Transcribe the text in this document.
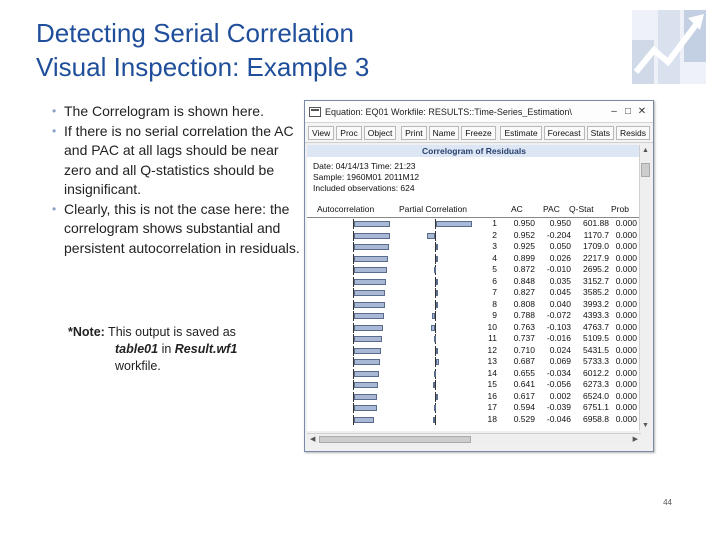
Detecting Serial Correlation
Visual Inspection: Example 3
• The Correlogram is shown here.
• If there is no serial correlation the AC and PAC at all lags should be near zero and all Q-statistics should be insignificant.
• Clearly, this is not the case here: the correlogram shows substantial and persistent autocorrelation in residuals.
*Note: This output is saved as
table01 in Result.wf1
workfile.
Equation: EQ01 Workfile: RESULTS::Time-Series_Estimation\	– □ ✕
View	Proc	Object	Print	Name	Freeze	Estimate	Forecast	Stats	Resids
Correlogram of Residuals
Date: 04/14/13 Time: 21:23
Sample: 1960M01 2011M12
Included observations: 624
Autocorrelation	Partial Correlation	AC PAC Q-Stat Prob
1	0.950	0.950	601.88 0.000
2	0.952	-0.204	1170.7 0.000
3	0.925	0.050	1709.0 0.000
4	0.899	0.026	2217.9 0.000
5	0.872	-0.010	2695.2 0.000
6	0.848	0.035	3152.7 0.000
7	0.827	0.045	3585.2 0.000
8	0.808	0.040	3993.2 0.000
9	0.788	-0.072	4393.3 0.000
10	0.763	-0.103	4763.7 0.000
11	0.737	-0.016	5109.5 0.000
12	0.710	0.024	5431.5 0.000
13	0.687	0.069	5733.3 0.000
14	0.655	-0.034	6012.2 0.000
15	0.641	-0.056	6273.3 0.000
16	0.617	0.002	6524.0 0.000
17	0.594	-0.039	6751.1 0.000
18	0.529	-0.046	6958.8 0.000
▲
▼
◀	▶
44
